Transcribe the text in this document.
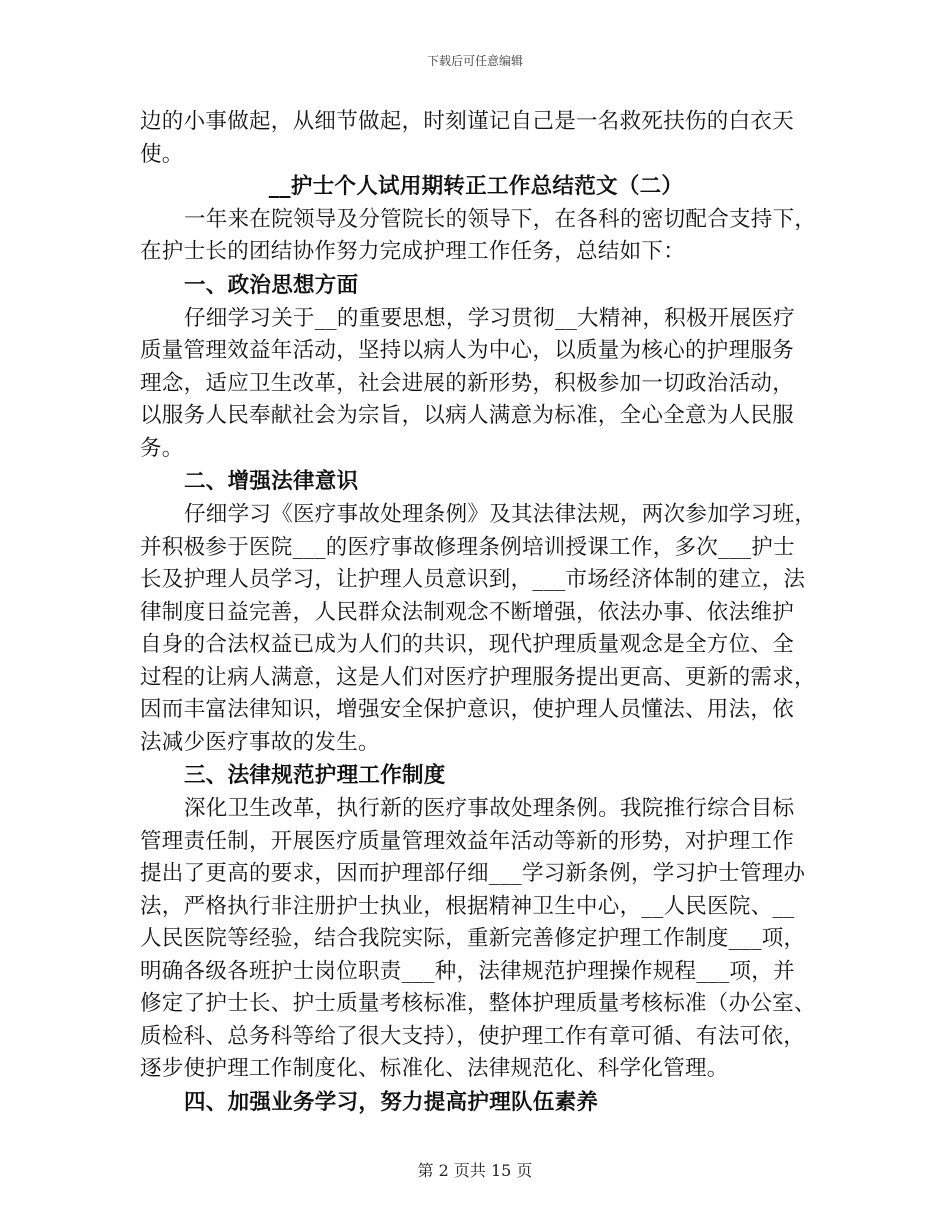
下载后可任意编辑
边的小事做起，从细节做起，时刻谨记自己是一名救死扶伤的白衣天
使。
__护士个人试用期转正工作总结范文（二）
一年来在院领导及分管院长的领导下，在各科的密切配合支持下，
在护士长的团结协作努力完成护理工作任务，总结如下：
一、政治思想方面
仔细学习关于__的重要思想，学习贯彻__大精神，积极开展医疗
质量管理效益年活动，坚持以病人为中心，以质量为核心的护理服务
理念，适应卫生改革，社会进展的新形势，积极参加一切政治活动，
以服务人民奉献社会为宗旨，以病人满意为标准，全心全意为人民服
务。
二、增强法律意识
仔细学习《医疗事故处理条例》及其法律法规，两次参加学习班，
并积极参于医院___的医疗事故修理条例培训授课工作，多次___护士
长及护理人员学习，让护理人员意识到，___市场经济体制的建立，法
律制度日益完善，人民群众法制观念不断增强，依法办事、依法维护
自身的合法权益已成为人们的共识，现代护理质量观念是全方位、全
过程的让病人满意，这是人们对医疗护理服务提出更高、更新的需求，
因而丰富法律知识，增强安全保护意识，使护理人员懂法、用法，依
法减少医疗事故的发生。
三、法律规范护理工作制度
深化卫生改革，执行新的医疗事故处理条例。我院推行综合目标
管理责任制，开展医疗质量管理效益年活动等新的形势，对护理工作
提出了更高的要求，因而护理部仔细___学习新条例，学习护士管理办
法，严格执行非注册护士执业，根据精神卫生中心，__人民医院、__
人民医院等经验，结合我院实际，重新完善修定护理工作制度___项，
明确各级各班护士岗位职责___种，法律规范护理操作规程___项，并
修定了护士长、护士质量考核标准，整体护理质量考核标准（办公室、
质检科、总务科等给了很大支持），使护理工作有章可循、有法可依，
逐步使护理工作制度化、标准化、法律规范化、科学化管理。
四、加强业务学习，努力提高护理队伍素养
第 2 页共 15 页
